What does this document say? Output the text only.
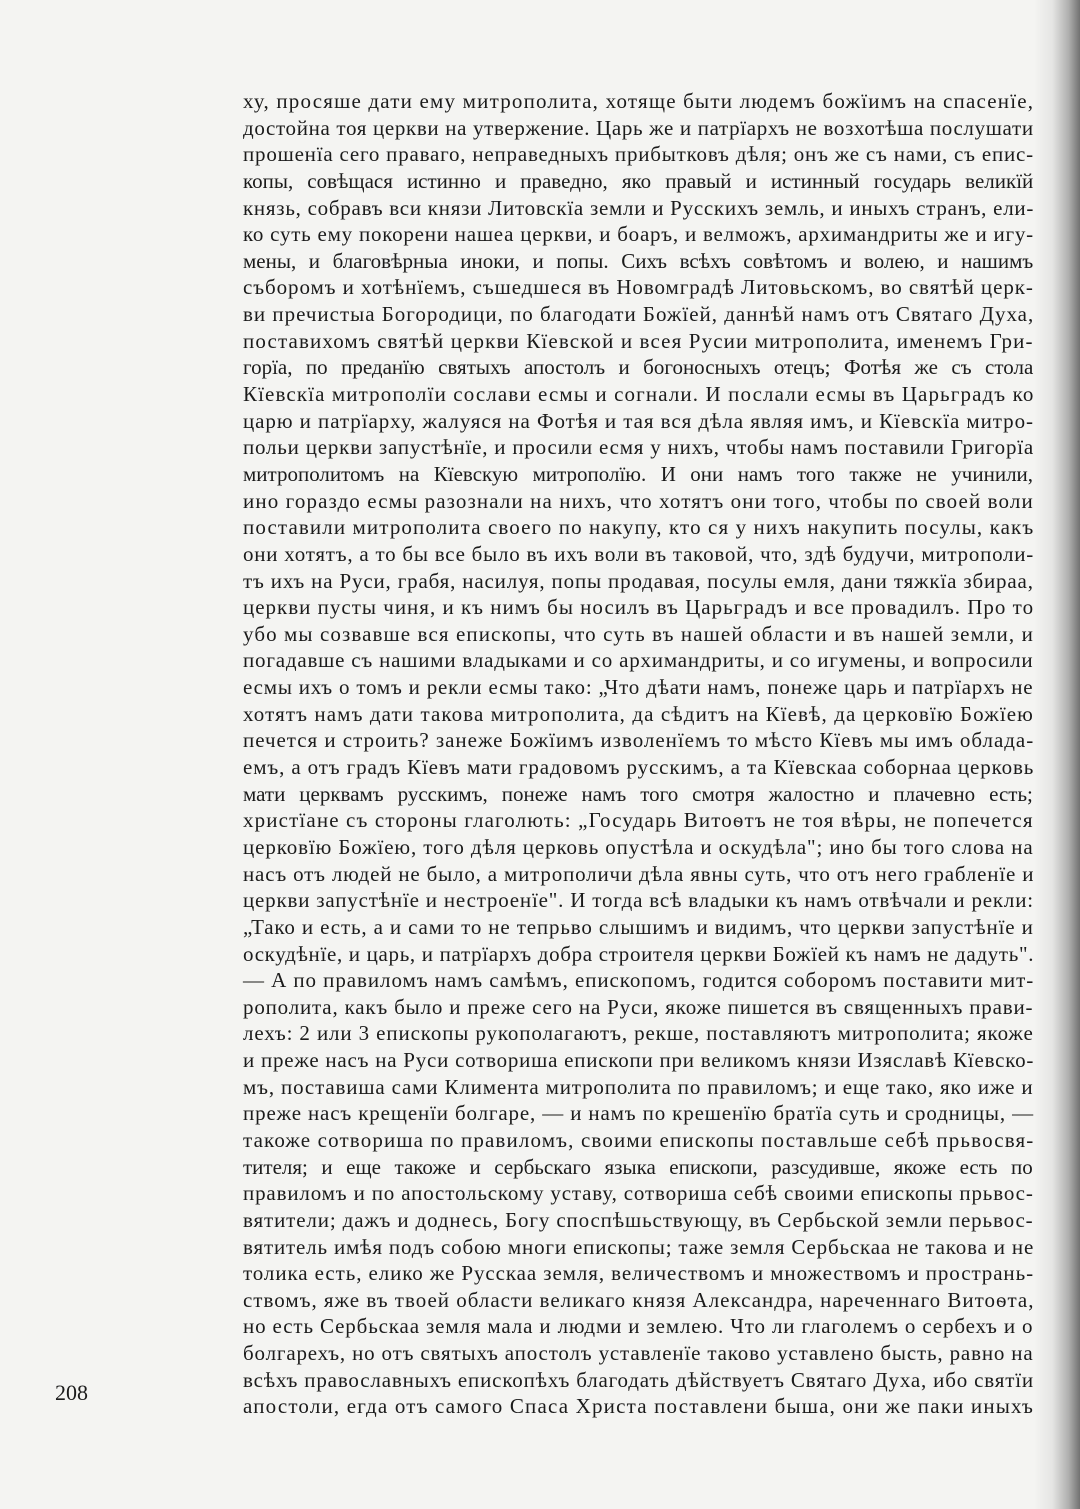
ху, просяше дати ему митрополита, хотяще быти людемъ божїимъ на спасенїе,
достойна тоя церкви на утвержение. Царь же и патрїархъ не возхотѣша послушати
прошенїа сего праваго, неправедныхъ прибытковъ дѣля; онъ же съ нами, съ епис-
копы, совѣщася истинно и праведно, яко правый и истинный государь великїй
князь, собравъ вси князи Литовскїа земли и Русскихъ земль, и иныхъ странъ, ели-
ко суть ему покорени нашеа церкви, и боаръ, и велможъ, архимандриты же и игу-
мены, и благовѣрныа иноки, и попы. Сихъ всѣхъ совѣтомъ и волею, и нашимъ
съборомъ и хотѣнїемъ, съшедшеся въ Новомградѣ Литовьскомъ, во святѣй церк-
ви пречистыа Богородици, по благодати Божїей, даннѣй намъ отъ Святаго Духа,
поставихомъ святѣй церкви Кїевской и всея Русии митрополита, именемъ Гри-
горїа, по преданїю святыхъ апостолъ и богоносныхъ отецъ; Фотѣя же съ стола
Кїевскїа митрополїи сослави есмы и согнали. И послали есмы въ Царьградъ ко
царю и патрїарху, жалуяся на Фотѣя и тая вся дѣла являя имъ, и Кїевскїа митро-
польи церкви запустѣнїе, и просили есмя у нихъ, чтобы намъ поставили Григорїа
митрополитомъ на Кїевскую митрополїю. И они намъ того также не учинили,
ино гораздо есмы разознали на нихъ, что хотятъ они того, чтобы по своей воли
поставили митрополита своего по накупу, кто ся у нихъ накупить посулы, какъ
они хотятъ, а то бы все было въ ихъ воли въ таковой, что, здѣ будучи, митрополи-
тъ ихъ на Руси, грабя, насилуя, попы продавая, посулы емля, дани тяжкїа збираа,
церкви пусты чиня, и къ нимъ бы носилъ въ Царьградъ и все провадилъ. Про то
убо мы созвавше вся епископы, что суть въ нашей области и въ нашей земли, и
погадавше съ нашими владыками и со архимандриты, и со игумены, и вопросили
есмы ихъ о томъ и рекли есмы тако: „Что дѣати намъ, понеже царь и патрїархъ не
хотятъ намъ дати такова митрополита, да сѣдитъ на Кїевѣ, да церковїю Божїею
печется и строить? занеже Божїимъ изволенїемъ то мѣсто Кїевъ мы имъ облада-
емъ, а отъ градъ Кїевъ мати градовомъ русскимъ, а та Кїевскаа соборнаа церковь
мати церквамъ русскимъ, понеже намъ того смотря жалостно и плачевно есть;
христїане съ стороны глаголють: „Государь Витоѳтъ не тоя вѣры, не попечется
церковїю Божїею, того дѣля церковь опустѣла и оскудѣла"; ино бы того слова на
насъ отъ людей не было, а митрополичи дѣла явны суть, что отъ него грабленїе и
церкви запустѣнїе и нестроенїе". И тогда всѣ владыки къ намъ отвѣчали и рекли:
„Тако и есть, а и сами то не тепрьво слышимъ и видимъ, что церкви запустѣнїе и
оскудѣнїе, и царь, и патрїархъ добра строителя церкви Божїей къ намъ не дадуть".
— А по правиломъ намъ самѣмъ, епископомъ, годится соборомъ поставити мит-
рополита, какъ было и преже сего на Руси, якоже пишется въ священныхъ прави-
лехъ: 2 или 3 епископы рукополагаютъ, рекше, поставляютъ митрополита; якоже
и преже насъ на Руси сотвориша епископи при великомъ князи Изяславѣ Кїевско-
мъ, поставиша сами Климента митрополита по правиломъ; и еще тако, яко иже и
преже насъ крещенїи болгаре, — и намъ по крешенїю братїа суть и сродницы, —
такоже сотвориша по правиломъ, своими епископы поставльше себѣ прьвосвя-
тителя; и еще такоже и сербьскаго языка епископи, разсудивше, якоже есть по
правиломъ и по апостольскому уставу, сотвориша себѣ своими епископы прьвос-
вятители; дажъ и доднесь, Богу споспѣшьствующу, въ Сербьской земли перьвос-
вятитель имѣя подъ собою многи епископы; таже земля Сербьскаа не такова и не
толика есть, елико же Русскаа земля, величествомъ и множествомъ и пространь-
ствомъ, яже въ твоей области великаго князя Александра, нареченнаго Витоѳта,
но есть Сербьскаа земля мала и людми и землею. Что ли глаголемъ о сербехъ и о
болгарехъ, но отъ святыхъ апостолъ уставленїе таково уставлено бысть, равно на
всѣхъ православныхъ епископѣхъ благодать дѣйствуетъ Святаго Духа, ибо святїи
апостоли, егда отъ самого Спаса Христа поставлени быша, они же паки иныхъ
208
